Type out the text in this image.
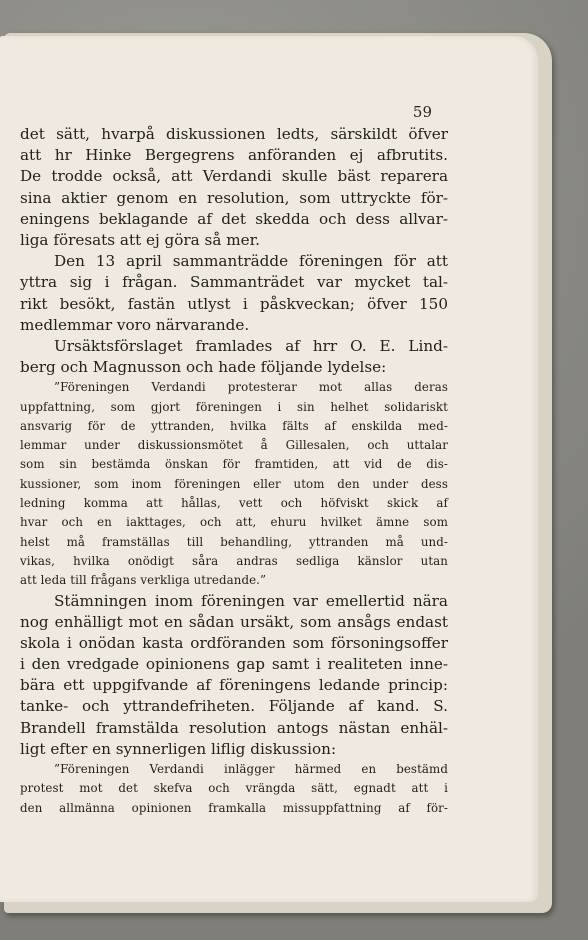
59
det sätt, hvarpå diskussionen ledts, särskildt öfver
att hr Hinke Bergegrens anföranden ej afbrutits.
De trodde också, att Verdandi skulle bäst reparera
sina aktier genom en resolution, som uttryckte för-
eningens beklagande af det skedda och dess allvar-
liga föresats att ej göra så mer.
Den 13 april sammanträdde föreningen för att
yttra sig i frågan. Sammanträdet var mycket tal-
rikt besökt, fastän utlyst i påskveckan; öfver 150
medlemmar voro närvarande.
Ursäktsförslaget framlades af hrr O. E. Lind-
berg och Magnusson och hade följande lydelse:
”Föreningen Verdandi protesterar mot allas deras
uppfattning, som gjort föreningen i sin helhet solidariskt
ansvarig för de yttranden, hvilka fälts af enskilda med-
lemmar under diskussionsmötet å Gillesalen, och uttalar
som sin bestämda önskan för framtiden, att vid de dis-
kussioner, som inom föreningen eller utom den under dess
ledning komma att hållas, vett och höfviskt skick af
hvar och en iakttages, och att, ehuru hvilket ämne som
helst må framställas till behandling, yttranden må und-
vikas, hvilka onödigt såra andras sedliga känslor utan
att leda till frågans verkliga utredande.”
Stämningen inom föreningen var emellertid nära
nog enhälligt mot en sådan ursäkt, som ansågs endast
skola i onödan kasta ordföranden som försoningsoffer
i den vredgade opinionens gap samt i realiteten inne-
bära ett uppgifvande af föreningens ledande princip:
tanke- och yttrandefriheten. Följande af kand. S.
Brandell framstälda resolution antogs nästan enhäl-
ligt efter en synnerligen liflig diskussion:
”Föreningen Verdandi inlägger härmed en bestämd
protest mot det skefva och vrängda sätt, egnadt att i
den allmänna opinionen framkalla missuppfattning af för-
